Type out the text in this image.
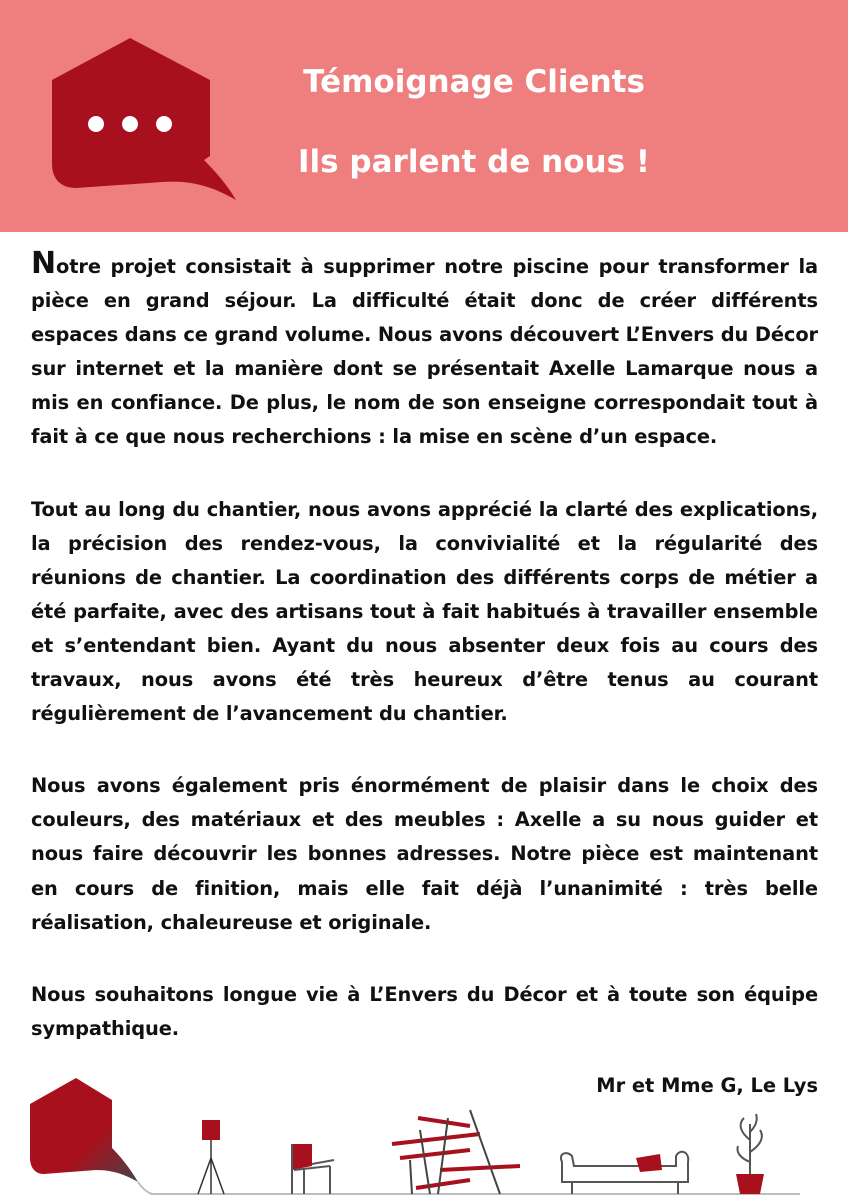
Témoignage Clients
Ils parlent de nous !

Notre projet consistait à supprimer notre piscine pour transformer la pièce en grand séjour. La difficulté était donc de créer différents espaces dans ce grand volume. Nous avons découvert L’Envers du Décor sur internet et la manière dont se présentait Axelle Lamarque nous a mis en confiance. De plus, le nom de son enseigne correspondait tout à fait à ce que nous recherchions : la mise en scène d’un espace.

Tout au long du chantier, nous avons apprécié la clarté des explications, la précision des rendez-vous, la convivialité et la régularité des réunions de chantier. La coordination des différents corps de métier a été parfaite, avec des artisans tout à fait habitués à travailler ensemble et s’entendant bien. Ayant du nous absenter deux fois au cours des travaux, nous avons été très heureux d’être tenus au courant régulièrement de l’avancement du chantier.

Nous avons également pris énormément de plaisir dans le choix des couleurs, des matériaux et des meubles : Axelle a su nous guider et nous faire découvrir les bonnes adresses. Notre pièce est maintenant en cours de finition, mais elle fait déjà l’unanimité : très belle réalisation, chaleureuse et originale.

Nous souhaitons longue vie à L’Envers du Décor et à toute son équipe sympathique.

Mr et Mme G, Le Lys
